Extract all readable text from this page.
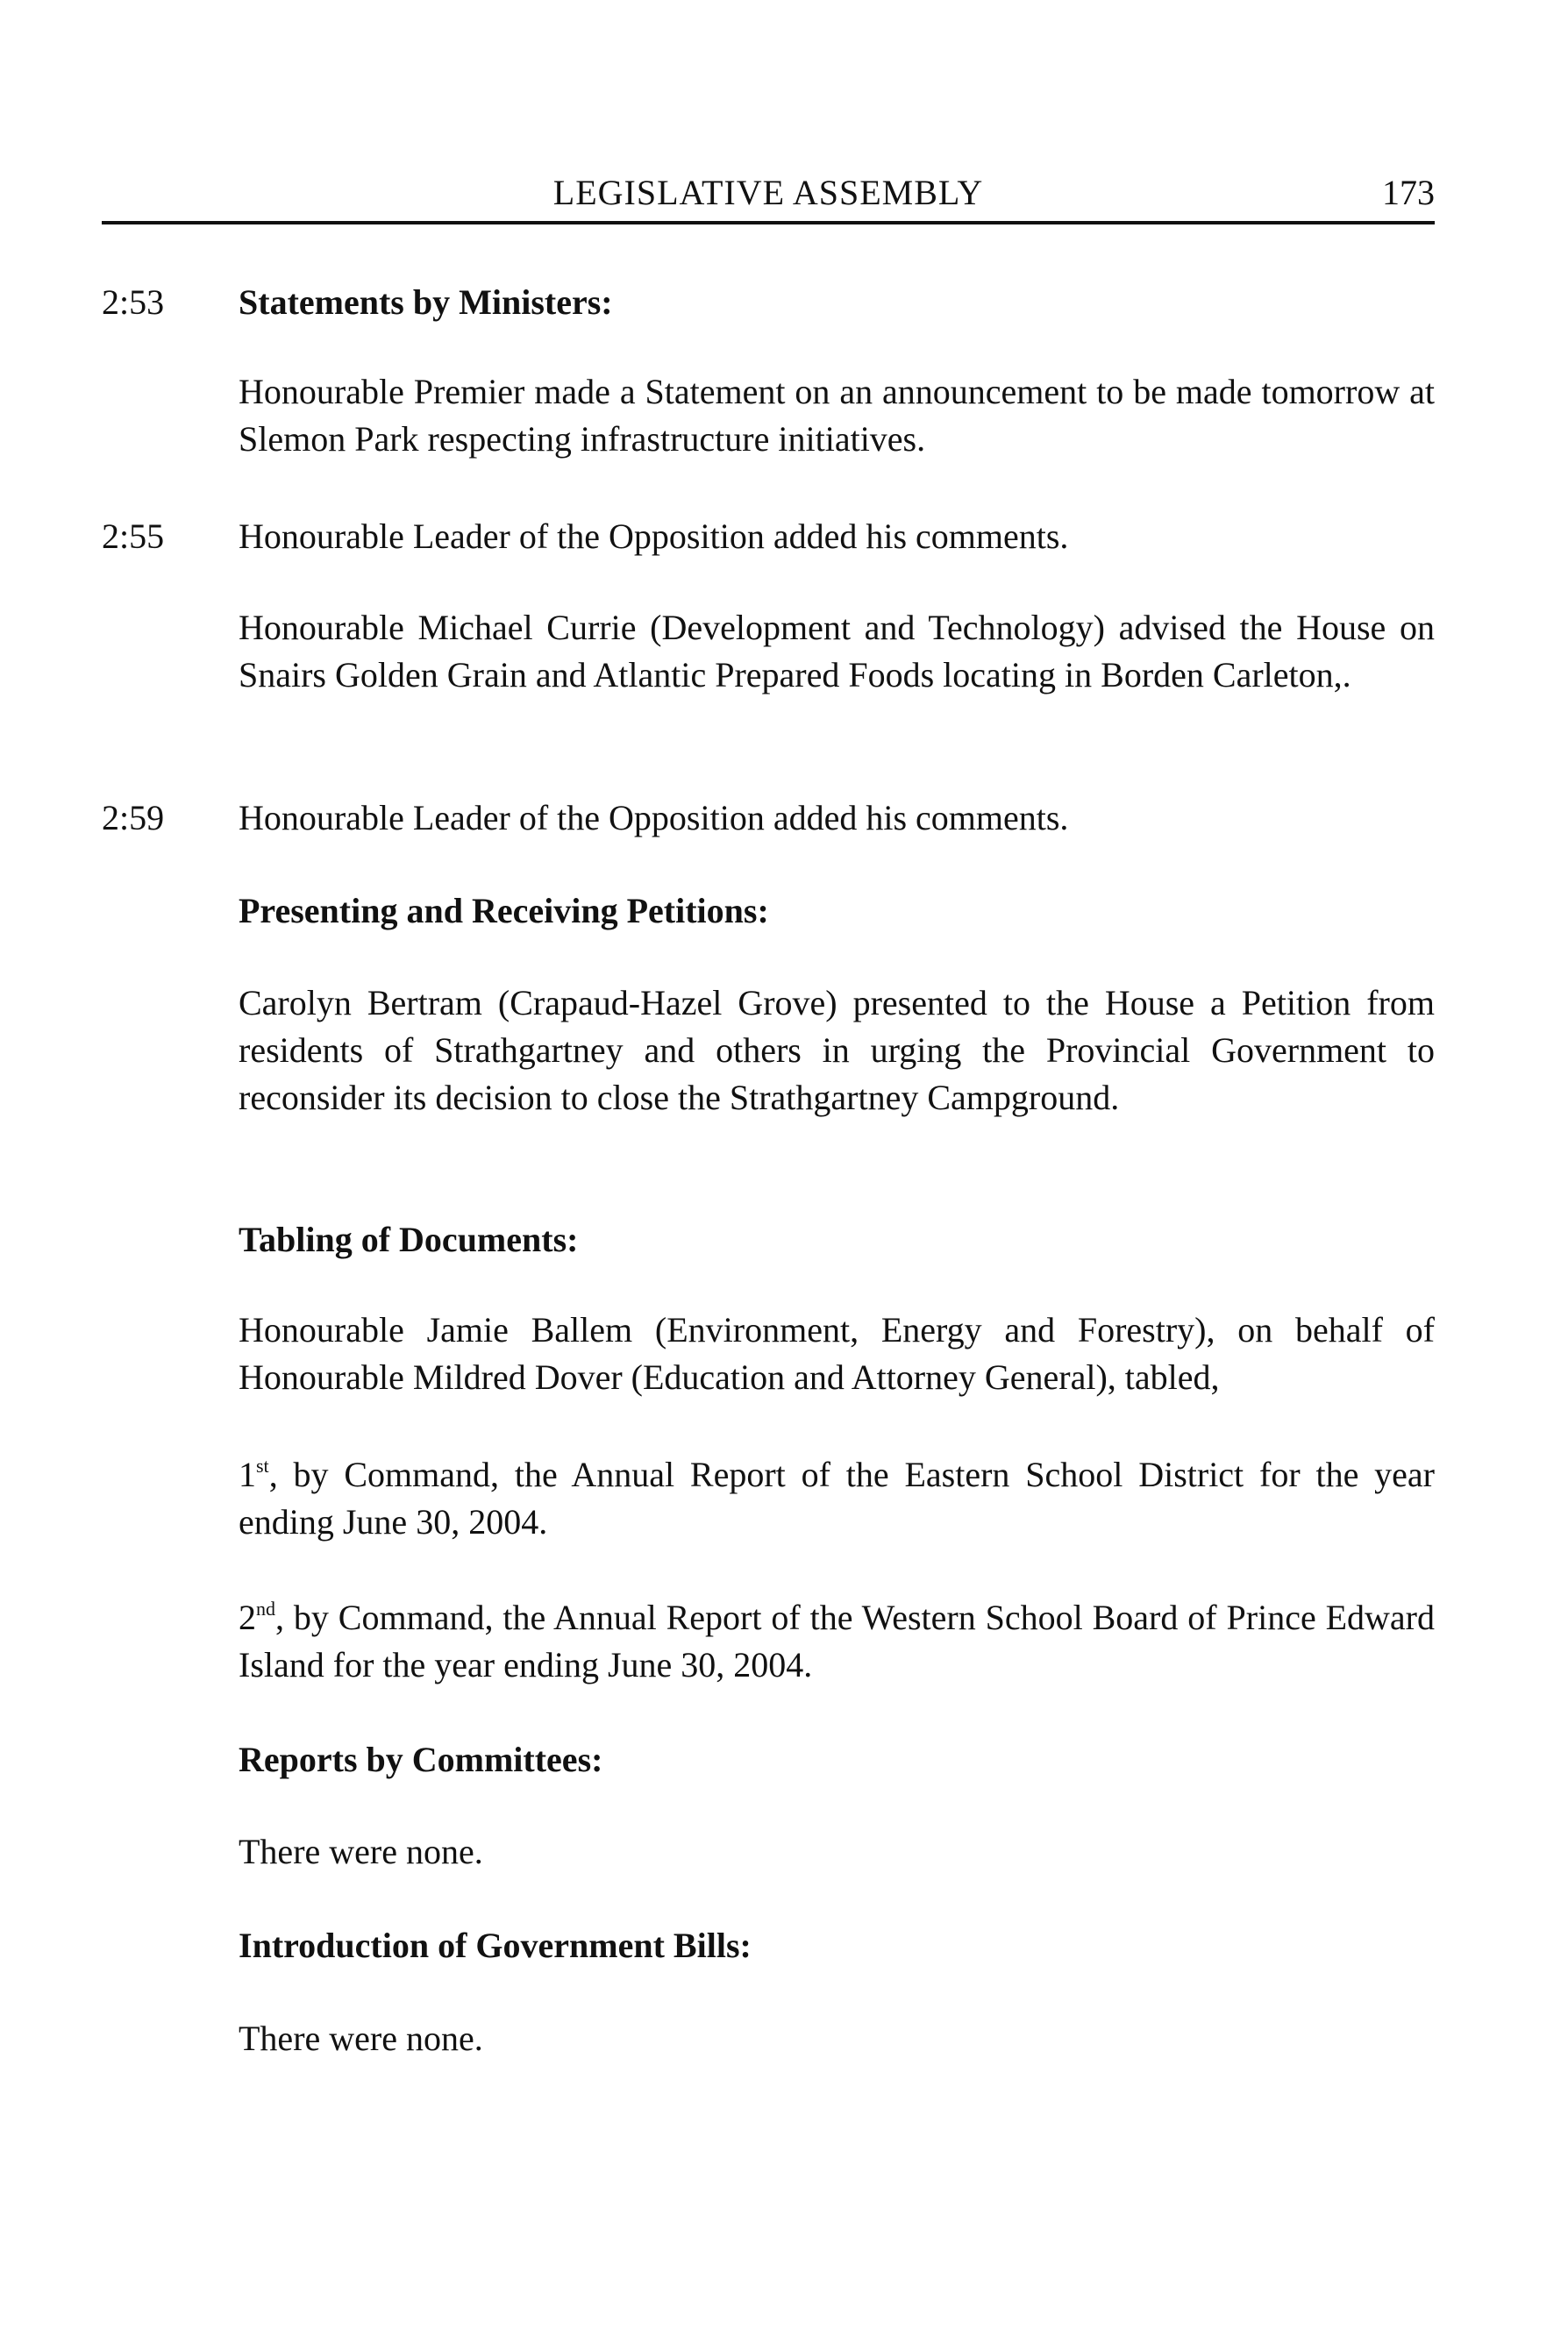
LEGISLATIVE ASSEMBLY	173
2:53 Statements by Ministers:
Honourable Premier made a Statement on an announcement to be made tomorrow at Slemon Park respecting infrastructure initiatives.
2:55 Honourable Leader of the Opposition added his comments.
Honourable Michael Currie (Development and Technology) advised the House on Snairs Golden Grain and Atlantic Prepared Foods locating in Borden Carleton,.
2:59 Honourable Leader of the Opposition added his comments.
Presenting and Receiving Petitions:
Carolyn Bertram (Crapaud-Hazel Grove) presented to the House a Petition from residents of Strathgartney and others in urging the Provincial Government to reconsider its decision to close the Strathgartney Campground.
Tabling of Documents:
Honourable Jamie Ballem (Environment, Energy and Forestry), on behalf of Honourable Mildred Dover (Education and Attorney General), tabled,
1st, by Command, the Annual Report of the Eastern School District for the year ending June 30, 2004.
2nd, by Command, the Annual Report of the Western School Board of Prince Edward Island for the year ending June 30, 2004.
Reports by Committees:
There were none.
Introduction of Government Bills:
There were none.
